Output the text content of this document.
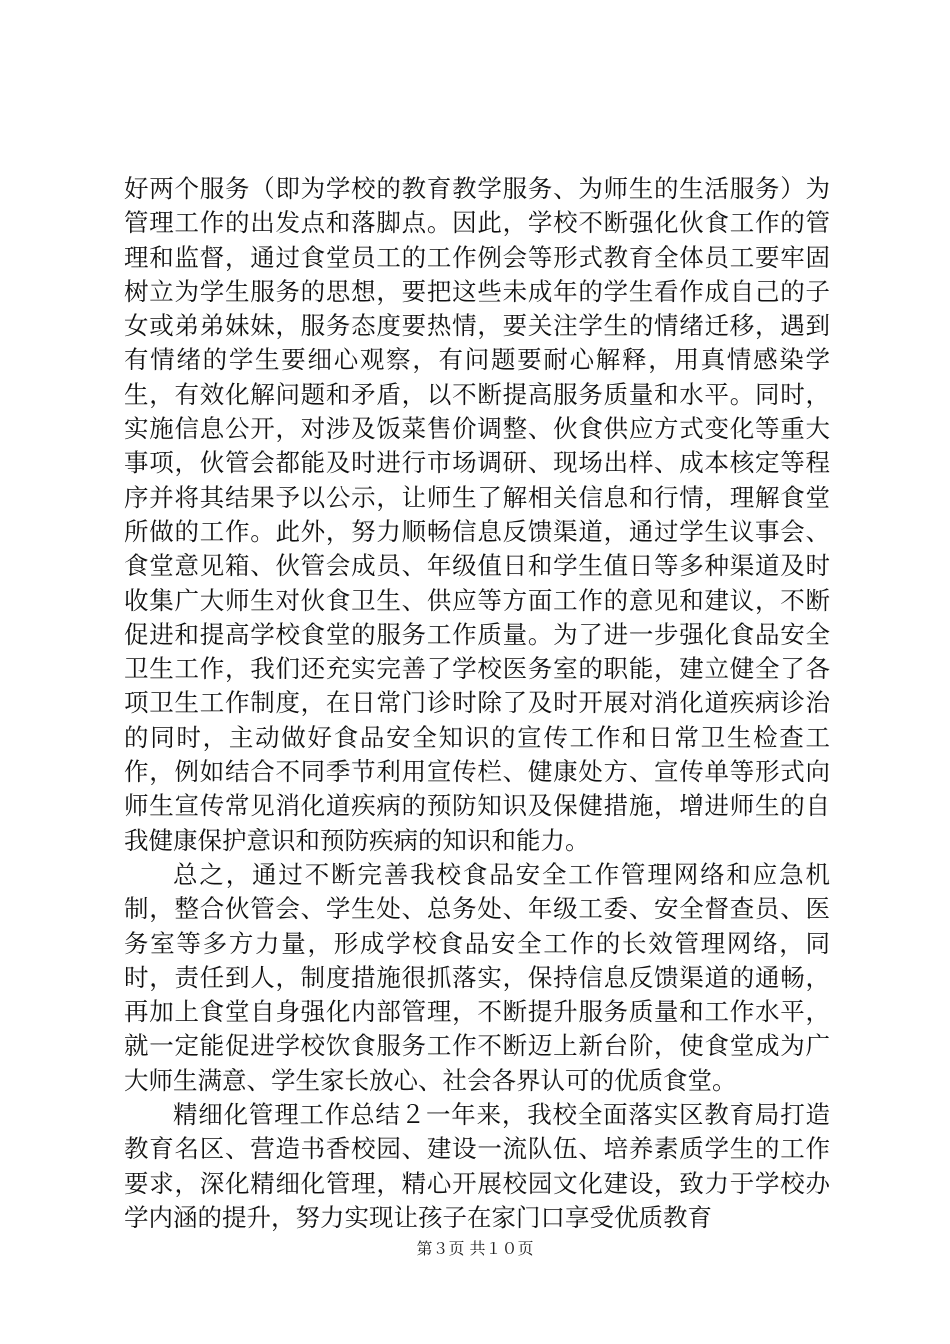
好两个服务（即为学校的教育教学服务、为师生的生活服务）为管理工作的出发点和落脚点。因此，学校不断强化伙食工作的管理和监督，通过食堂员工的工作例会等形式教育全体员工要牢固树立为学生服务的思想，要把这些未成年的学生看作成自己的子女或弟弟妹妹，服务态度要热情，要关注学生的情绪迁移，遇到有情绪的学生要细心观察，有问题要耐心解释，用真情感染学生，有效化解问题和矛盾，以不断提高服务质量和水平。同时，实施信息公开，对涉及饭菜售价调整、伙食供应方式变化等重大事项，伙管会都能及时进行市场调研、现场出样、成本核定等程序并将其结果予以公示，让师生了解相关信息和行情，理解食堂所做的工作。此外，努力顺畅信息反馈渠道，通过学生议事会、食堂意见箱、伙管会成员、年级值日和学生值日等多种渠道及时收集广大师生对伙食卫生、供应等方面工作的意见和建议，不断促进和提高学校食堂的服务工作质量。为了进一步强化食品安全卫生工作，我们还充实完善了学校医务室的职能，建立健全了各项卫生工作制度，在日常门诊时除了及时开展对消化道疾病诊治的同时，主动做好食品安全知识的宣传工作和日常卫生检查工作，例如结合不同季节利用宣传栏、健康处方、宣传单等形式向师生宣传常见消化道疾病的预防知识及保健措施，增进师生的自我健康保护意识和预防疾病的知识和能力。

总之，通过不断完善我校食品安全工作管理网络和应急机制，整合伙管会、学生处、总务处、年级工委、安全督查员、医务室等多方力量，形成学校食品安全工作的长效管理网络，同时，责任到人，制度措施很抓落实，保持信息反馈渠道的通畅，再加上食堂自身强化内部管理，不断提升服务质量和工作水平，就一定能促进学校饮食服务工作不断迈上新台阶，使食堂成为广大师生满意、学生家长放心、社会各界认可的优质食堂。

精细化管理工作总结２一年来，我校全面落实区教育局打造教育名区、营造书香校园、建设一流队伍、培养素质学生的工作要求，深化精细化管理，精心开展校园文化建设，致力于学校办学内涵的提升，努力实现让孩子在家门口享受优质教育

第３页 共１０页
